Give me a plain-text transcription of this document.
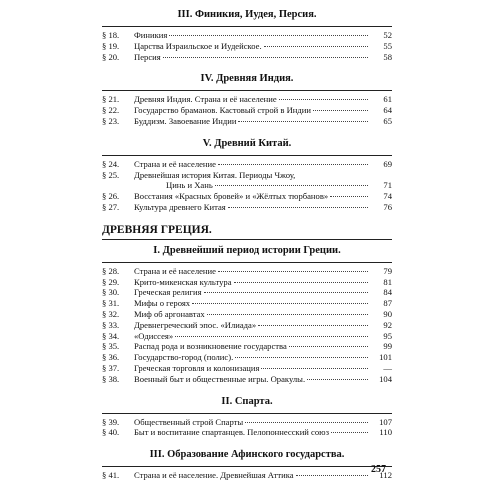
III. Финикия, Иудея, Персия.
§ 18.	Финикия	52
§ 19.	Царства Израильское и Иудейское.	55
§ 20.	Персия	58
IV. Древняя Индия.
§ 21.	Древняя Индия. Страна и её население	61
§ 22.	Государство браманов. Кастовый строй в Индии	64
§ 23.	Буддизм. Завоевание Индии	65
V. Древний Китай.
§ 24.	Страна и её население	69
§ 25.	Древнейшая история Китая. Периоды Чжоу,
Цинь и Хань	71
§ 26.	Восстания «Красных бровей» и «Жёлтых тюрбанов»	74
§ 27.	Культура древнего Китая	76
ДРЕВНЯЯ ГРЕЦИЯ.
I. Древнейший период истории Греции.
§ 28.	Страна и её население	79
§ 29.	Крито-микенская культура	81
§ 30.	Греческая религия	84
§ 31.	Мифы о героях	87
§ 32.	Миф об аргонавтах	90
§ 33.	Древнегреческий эпос. «Илиада»	92
§ 34.	«Одиссея»	95
§ 35.	Распад рода и возникновение государства	99
§ 36.	Государство-город (полис).	101
§ 37.	Греческая торговля и колонизация	—
§ 38.	Военный быт и общественные игры. Оракулы.	104
II. Спарта.
§ 39.	Общественный строй Спарты	107
§ 40.	Быт и воспитание спартанцев. Пелопоннесский союз	110
III. Образование Афинского государства.
§ 41.	Страна и её население. Древнейшая Аттика	112
257
